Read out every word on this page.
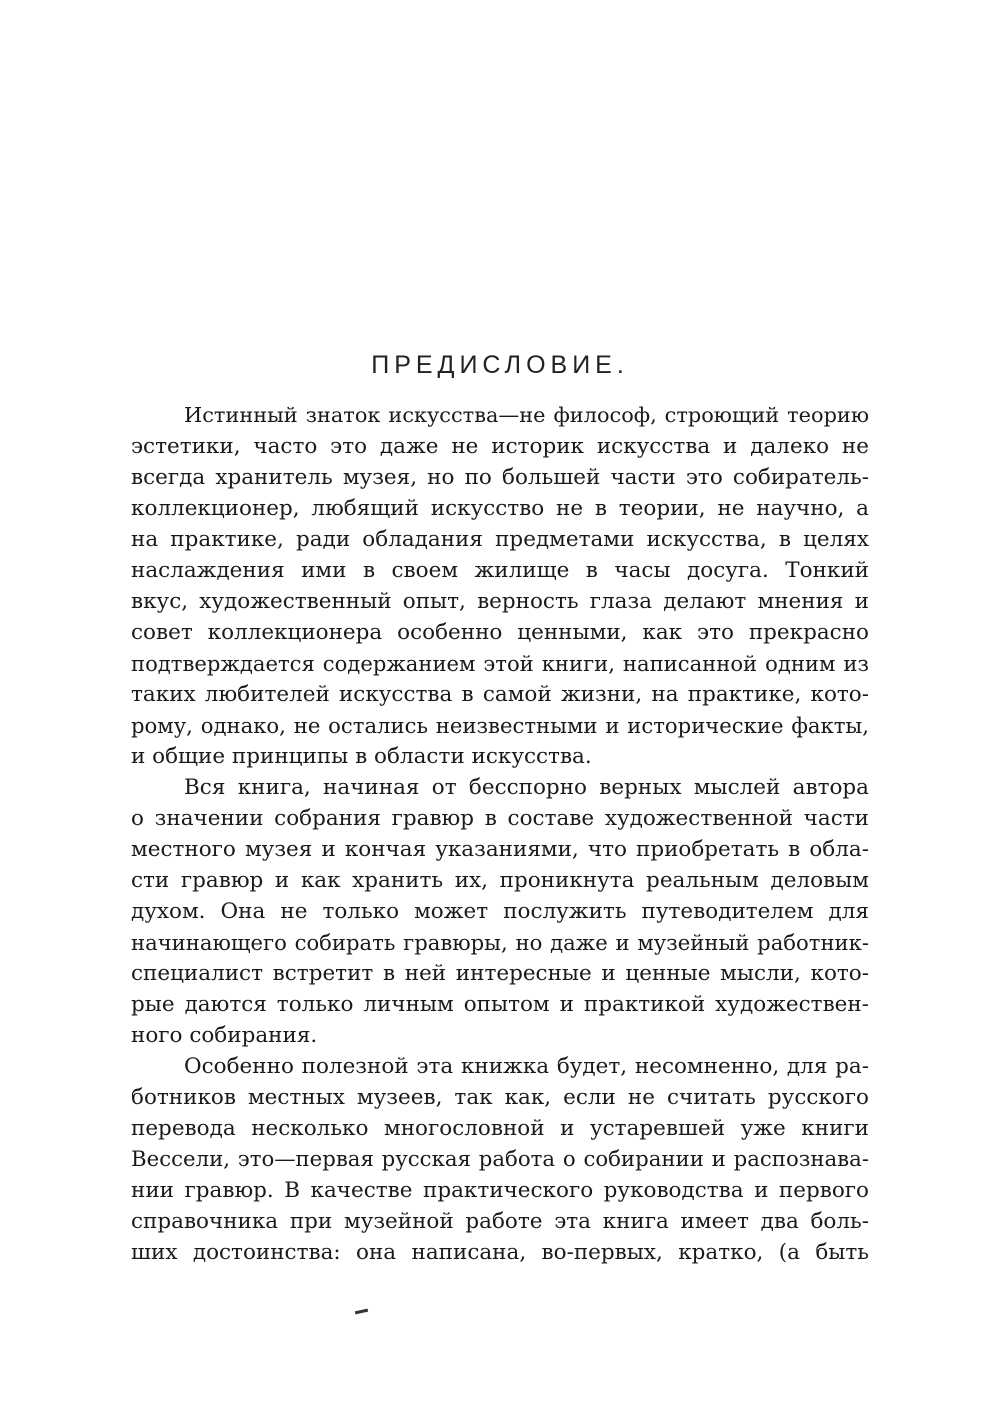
ПРЕДИСЛОВИЕ.
Истинный знаток искусства—не философ, строющий теорию
эстетики, часто это даже не историк искусства и далеко не
всегда хранитель музея, но по большей части это собиратель-
коллекционер, любящий искусство не в теории, не научно, а
на практике, ради обладания предметами искусства, в целях
наслаждения ими в своем жилище в часы досуга. Тонкий
вкус, художественный опыт, верность глаза делают мнения и
совет коллекционера особенно ценными, как это прекрасно
подтверждается содержанием этой книги, написанной одним из
таких любителей искусства в самой жизни, на практике, кото-
рому, однако, не остались неизвестными и исторические факты,
и общие принципы в области искусства.
Вся книга, начиная от бесспорно верных мыслей автора
о значении собрания гравюр в составе художественной части
местного музея и кончая указаниями, что приобретать в обла-
сти гравюр и как хранить их, проникнута реальным деловым
духом. Она не только может послужить путеводителем для
начинающего собирать гравюры, но даже и музейный работник-
специалист встретит в ней интересные и ценные мысли, кото-
рые даются только личным опытом и практикой художествен-
ного собирания.
Особенно полезной эта книжка будет, несомненно, для ра-
ботников местных музеев, так как, если не считать русского
перевода несколько многословной и устаревшей уже книги
Вессели, это—первая русская работа о собирании и распознава-
нии гравюр. В качестве практического руководства и первого
справочника при музейной работе эта книга имеет два боль-
ших достоинства: она написана, во-первых, кратко, (а быть
